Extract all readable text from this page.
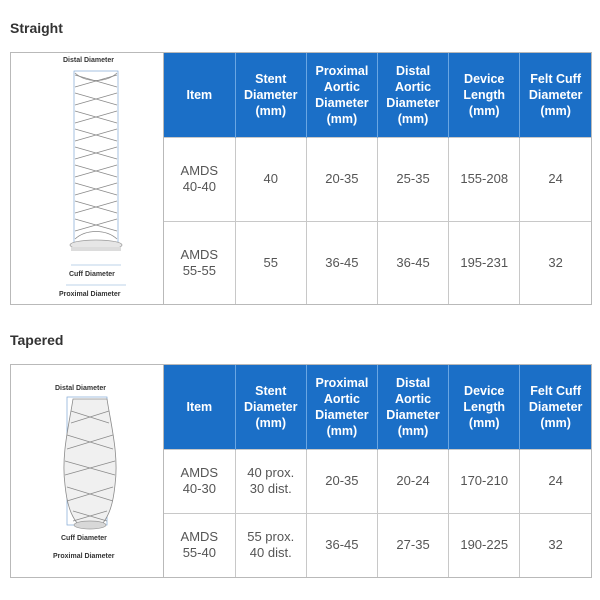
Straight
Distal Diameter
Cuff Diameter
Proximal Diameter
Item	Stent
Diameter
(mm)	Proximal
Aortic
Diameter
(mm)	Distal
Aortic
Diameter
(mm)	Device
Length
(mm)	Felt Cuff
Diameter
(mm)
AMDS
40-40	40	20-35	25-35	155-208	24
AMDS
55-55	55	36-45	36-45	195-231	32
Tapered
Distal Diameter
Cuff Diameter
Proximal Diameter
Item	Stent
Diameter
(mm)	Proximal
Aortic
Diameter
(mm)	Distal
Aortic
Diameter
(mm)	Device
Length
(mm)	Felt Cuff
Diameter
(mm)
AMDS
40-30	40 prox.
30 dist.	20-35	20-24	170-210	24
AMDS
55-40	55 prox.
40 dist.	36-45	27-35	190-225	32
